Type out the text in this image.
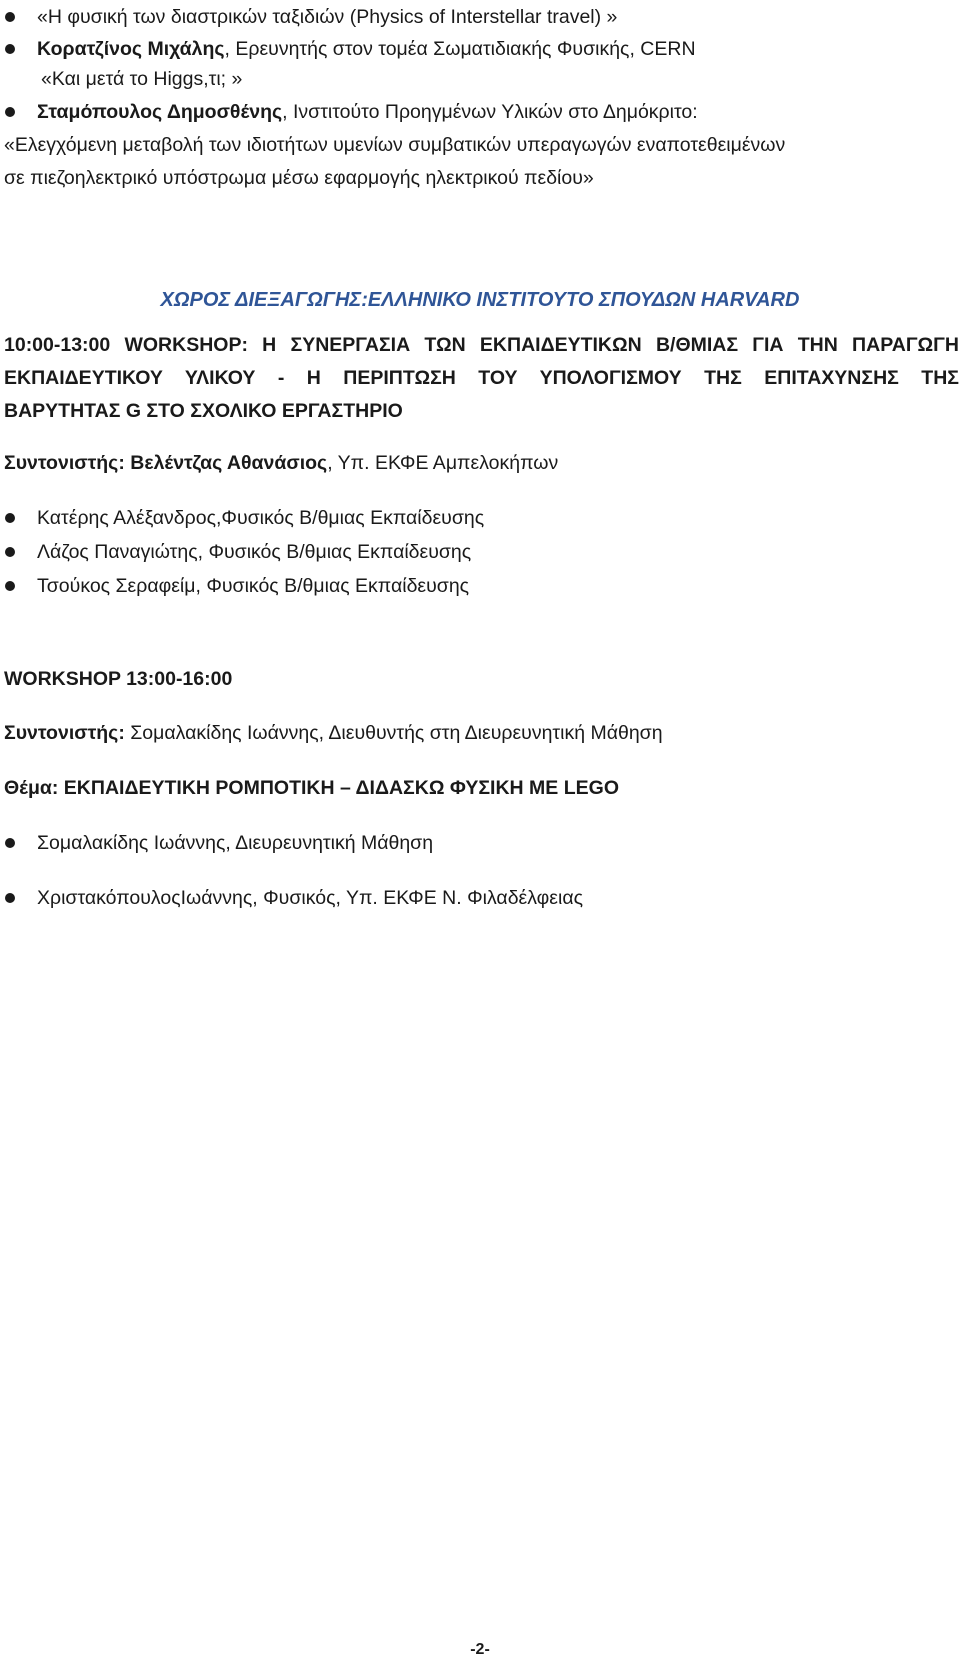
«Η φυσική των διαστρικών ταξιδιών (Physics of Interstellar travel) »
Κορατζίνος Μιχάλης, Ερευνητής στον τομέα Σωματιδιακής Φυσικής, CERN
«Και μετά το Higgs,τι; »
Σταμόπουλος Δημοσθένης, Ινστιτούτο Προηγμένων Υλικών στο Δημόκριτο:
«Ελεγχόμενη μεταβολή των ιδιοτήτων υμενίων συμβατικών υπεραγωγών εναποτεθειμένων
σε πιεζοηλεκτρικό υπόστρωμα μέσω εφαρμογής ηλεκτρικού πεδίου»
ΧΩΡΟΣ ΔΙΕΞΑΓΩΓΗΣ:ΕΛΛΗΝΙΚΟ ΙΝΣΤΙΤΟΥΤΟ ΣΠΟΥΔΩΝ HARVARD
10:00-13:00 WORKSHOP: Η ΣΥΝΕΡΓΑΣΙΑ ΤΩΝ ΕΚΠΑΙΔΕΥΤΙΚΩΝ Β/ΘΜΙΑΣ ΓΙΑ ΤΗΝ ΠΑΡΑΓΩΓΗ
ΕΚΠΑΙΔΕΥΤΙΚΟΥ ΥΛΙΚΟΥ - Η ΠΕΡΙΠΤΩΣΗ ΤΟΥ ΥΠΟΛΟΓΙΣΜΟΥ ΤΗΣ ΕΠΙΤΑΧΥΝΣΗΣ ΤΗΣ
ΒΑΡΥΤΗΤΑΣ G ΣΤΟ ΣΧΟΛΙΚΟ ΕΡΓΑΣΤΗΡΙΟ
Συντονιστής: Βελέντζας Αθανάσιος, Υπ. ΕΚΦΕ Αμπελοκήπων
Κατέρης Αλέξανδρος,Φυσικός Β/θμιας Εκπαίδευσης
Λάζος Παναγιώτης, Φυσικός Β/θμιας Εκπαίδευσης
Τσούκος Σεραφείμ, Φυσικός Β/θμιας Εκπαίδευσης
WORKSHOP 13:00-16:00
Συντονιστής: Σομαλακίδης Ιωάννης, Διευθυντής στη Διευρευνητική Μάθηση
Θέμα: ΕΚΠΑΙΔΕΥΤΙΚΗ ΡΟΜΠΟΤΙΚΗ – ΔΙΔΑΣΚΩ ΦΥΣΙΚΗ ΜΕ LEGO
Σομαλακίδης Ιωάννης, Διευρευνητική Μάθηση
ΧριστακόπουλοςΙωάννης, Φυσικός, Υπ. ΕΚΦΕ Ν. Φιλαδέλφειας
-2-
